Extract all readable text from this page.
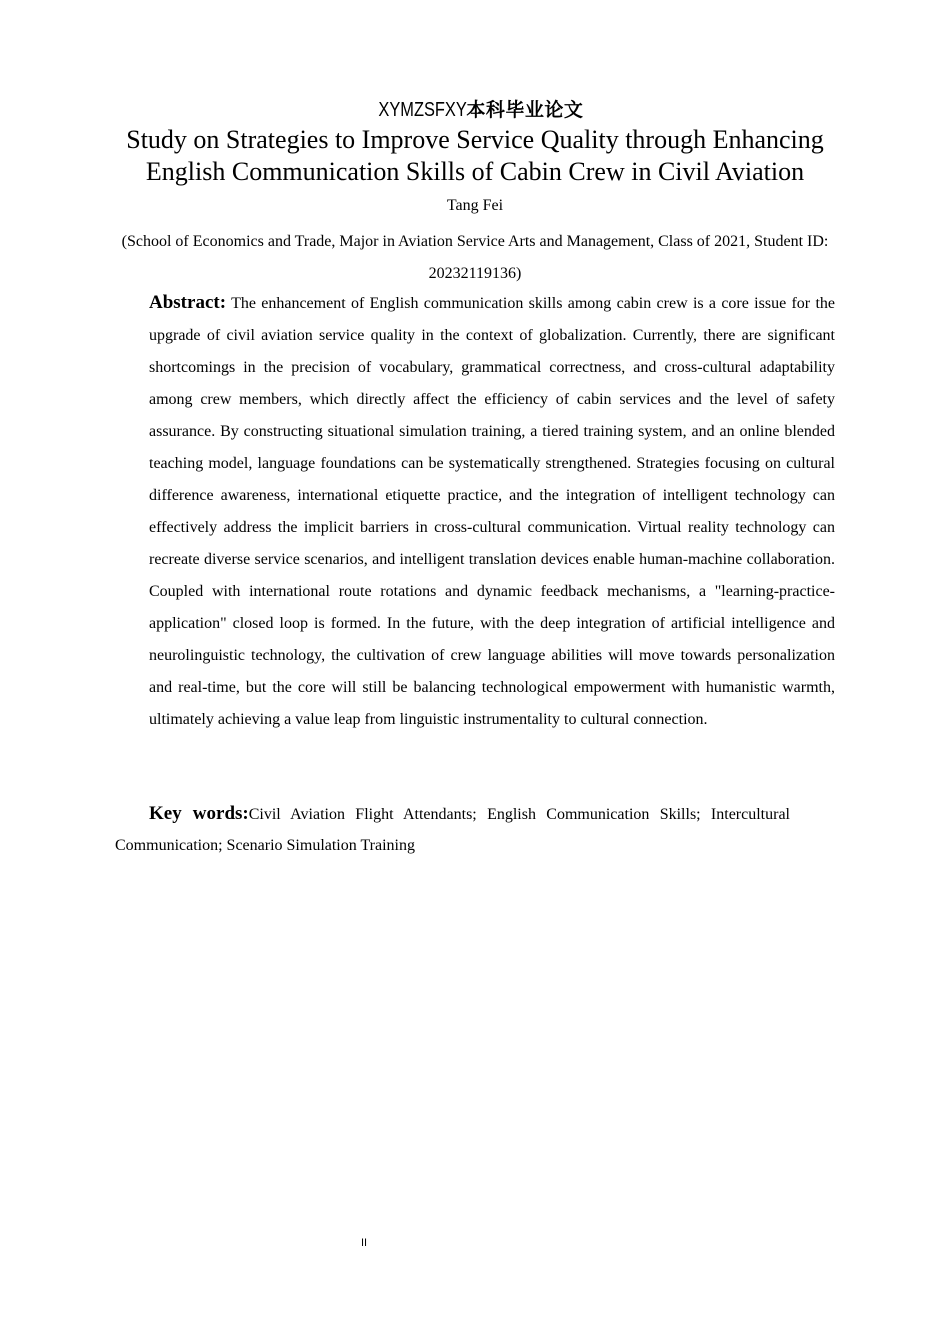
XYMZSFXY本科毕业论文
Study on Strategies to Improve Service Quality through Enhancing English Communication Skills of Cabin Crew in Civil Aviation
Tang Fei
(School of Economics and Trade, Major in Aviation Service Arts and Management, Class of 2021, Student ID: 20232119136)

Abstract: The enhancement of English communication skills among cabin crew is a core issue for the upgrade of civil aviation service quality in the context of globalization. Currently, there are significant shortcomings in the precision of vocabulary, grammatical correctness, and cross-cultural adaptability among crew members, which directly affect the efficiency of cabin services and the level of safety assurance. By constructing situational simulation training, a tiered training system, and an online blended teaching model, language foundations can be systematically strengthened. Strategies focusing on cultural difference awareness, international etiquette practice, and the integration of intelligent technology can effectively address the implicit barriers in cross-cultural communication. Virtual reality technology can recreate diverse service scenarios, and intelligent translation devices enable human-machine collaboration. Coupled with international route rotations and dynamic feedback mechanisms, a "learning-practice-application" closed loop is formed. In the future, with the deep integration of artificial intelligence and neurolinguistic technology, the cultivation of crew language abilities will move towards personalization and real-time, but the core will still be balancing technological empowerment with humanistic warmth, ultimately achieving a value leap from linguistic instrumentality to cultural connection.

Key words:Civil Aviation Flight Attendants; English Communication Skills; Intercultural Communication; Scenario Simulation Training

II
